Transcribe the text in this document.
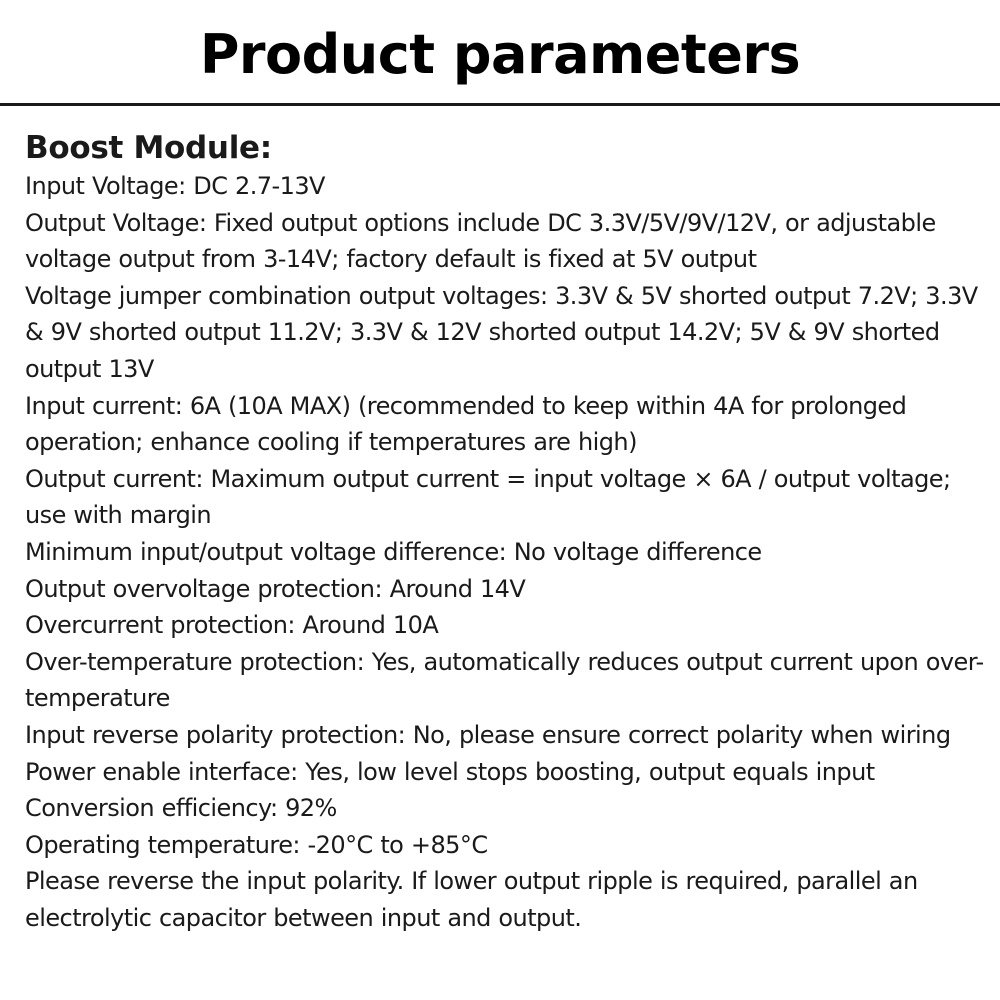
Product parameters
Boost Module:
Input Voltage: DC 2.7-13V
Output Voltage: Fixed output options include DC 3.3V/5V/9V/12V, or adjustable voltage output from 3-14V; factory default is fixed at 5V output
Voltage jumper combination output voltages: 3.3V & 5V shorted output 7.2V; 3.3V & 9V shorted output 11.2V; 3.3V & 12V shorted output 14.2V; 5V & 9V shorted output 13V
Input current: 6A (10A MAX) (recommended to keep within 4A for prolonged operation; enhance cooling if temperatures are high)
Output current: Maximum output current = input voltage × 6A / output voltage; use with margin
Minimum input/output voltage difference: No voltage difference
Output overvoltage protection: Around 14V
Overcurrent protection: Around 10A
Over-temperature protection: Yes, automatically reduces output current upon over-temperature
Input reverse polarity protection: No, please ensure correct polarity when wiring
Power enable interface: Yes, low level stops boosting, output equals input
Conversion efficiency: 92%
Operating temperature: -20°C to +85°C
Please reverse the input polarity. If lower output ripple is required, parallel an electrolytic capacitor between input and output.
